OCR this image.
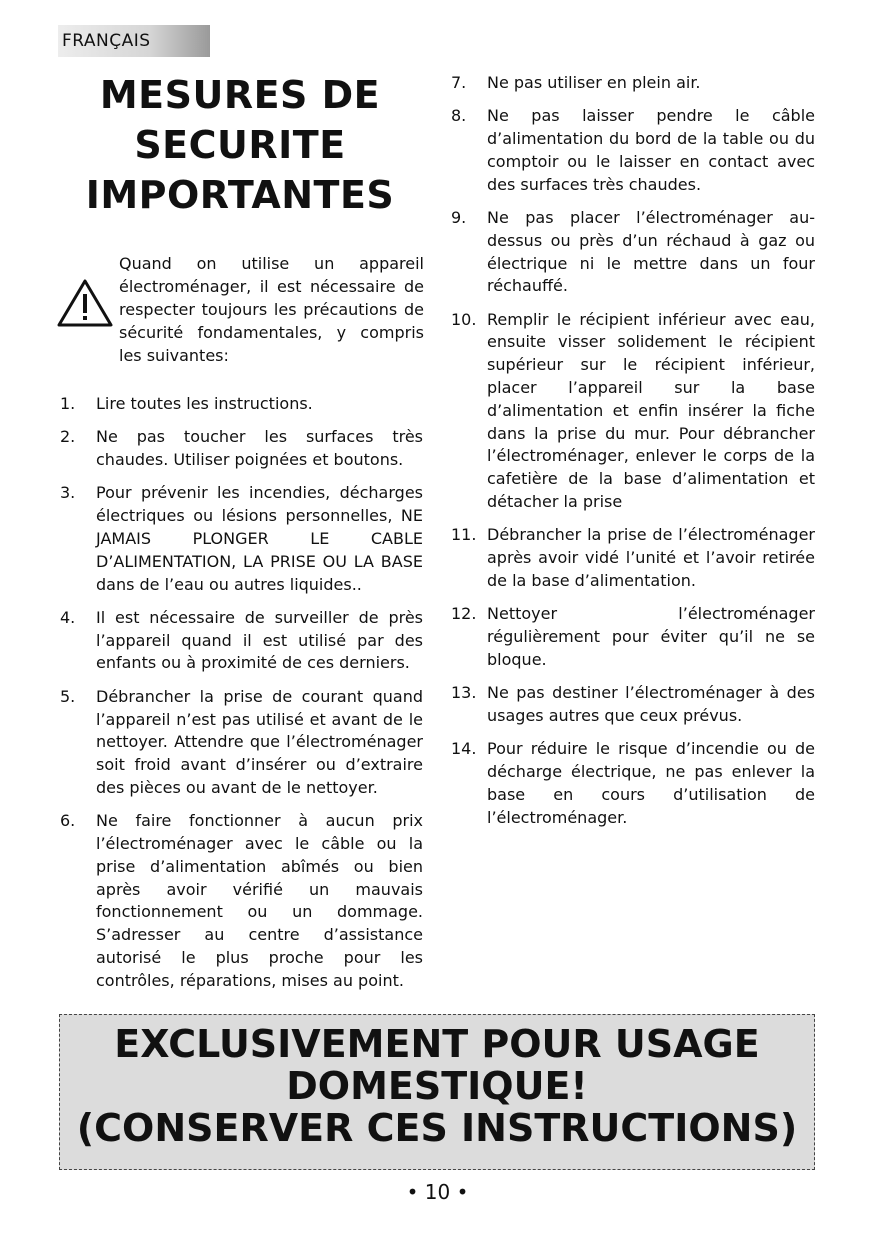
FRANÇAIS
MESURES DE
SECURITE
IMPORTANTES
Quand on utilise un appareil électroménager, il est nécessaire de respecter toujours les précautions de sécurité fondamentales, y compris les suivantes:
1. Lire toutes les instructions.
2. Ne pas toucher les surfaces très chaudes. Utiliser poignées et boutons.
3. Pour prévenir les incendies, décharges électriques ou lésions personnelles, NE JAMAIS PLONGER LE CABLE D’ALIMENTATION, LA PRISE OU LA BASE dans de l’eau ou autres liquides..
4. Il est nécessaire de surveiller de près l’appareil quand il est utilisé par des enfants ou à proximité de ces derniers.
5. Débrancher la prise de courant quand l’appareil n’est pas utilisé et avant de le nettoyer. Attendre que l’électroménager soit froid avant d’insérer ou d’extraire des pièces ou avant de le nettoyer.
6. Ne faire fonctionner à aucun prix l’électroménager avec le câble ou la prise d’alimentation abîmés ou bien après avoir vérifié un mauvais fonctionnement ou un dommage. S’adresser au centre d’assistance autorisé le plus proche pour les contrôles, réparations, mises au point.
7. Ne pas utiliser en plein air.
8. Ne pas laisser pendre le câble d’alimentation du bord de la table ou du comptoir ou le laisser en contact avec des surfaces très chaudes.
9. Ne pas placer l’électroménager au-dessus ou près d’un réchaud à gaz ou électrique ni le mettre dans un four réchauffé.
10. Remplir le récipient inférieur avec eau, ensuite visser solidement le récipient supérieur sur le récipient inférieur, placer l’appareil sur la base d’alimentation et enfin insérer la fiche dans la prise du mur. Pour débrancher l’électroménager, enlever le corps de la cafetière de la base d’alimentation et détacher la prise
11. Débrancher la prise de l’électroménager après avoir vidé l’unité et l’avoir retirée de la base d’alimentation.
12. Nettoyer l’électroménager régulièrement pour éviter qu’il ne se bloque.
13. Ne pas destiner l’électroménager à des usages autres que ceux prévus.
14. Pour réduire le risque d’incendie ou de décharge électrique, ne pas enlever la base en cours d’utilisation de l’électroménager.
EXCLUSIVEMENT POUR USAGE
DOMESTIQUE!
(CONSERVER CES INSTRUCTIONS)
• 10 •
